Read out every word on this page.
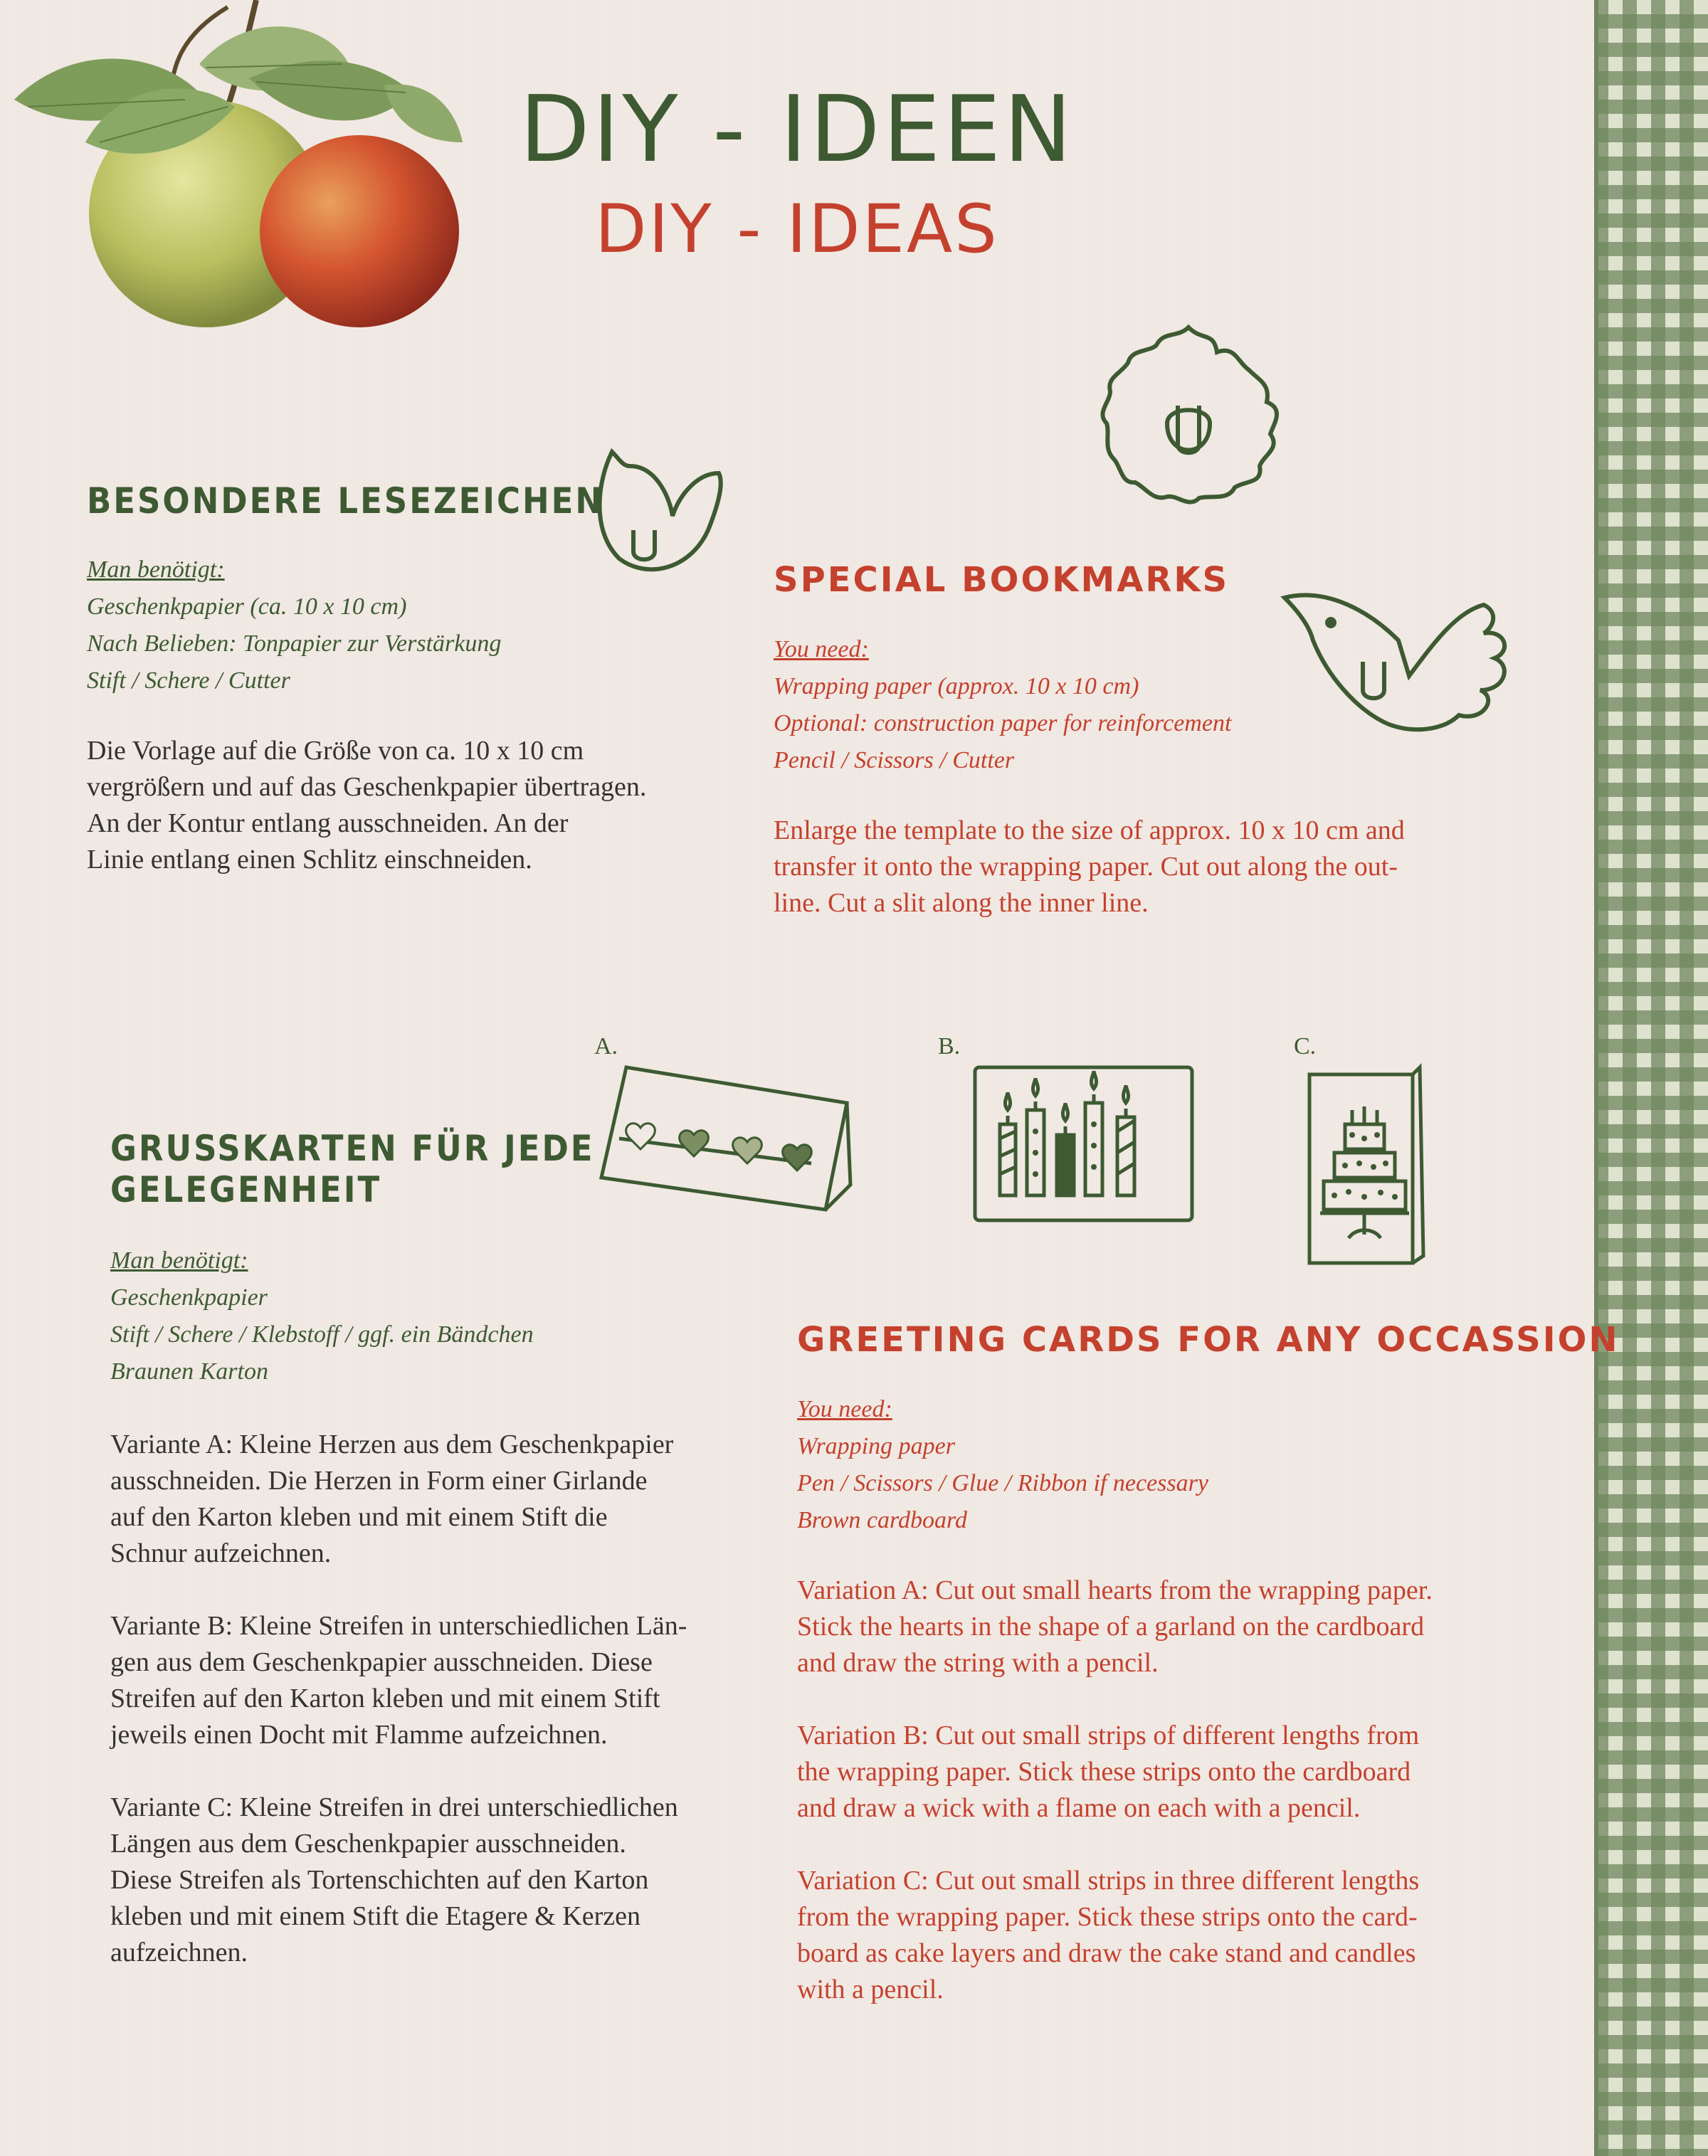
DIY - IDEEN
DIY - IDEAS
BESONDERE LESEZEICHEN
Man benötigt:
Geschenkpapier (ca. 10 x 10 cm)
Nach Belieben: Tonpapier zur Verstärkung
Stift / Schere / Cutter

Die Vorlage auf die Größe von ca. 10 x 10 cm
vergrößern und auf das Geschenkpapier übertragen.
An der Kontur entlang ausschneiden. An der
Linie entlang einen Schlitz einschneiden.

SPECIAL BOOKMARKS
You need:
Wrapping paper (approx. 10 x 10 cm)
Optional: construction paper for reinforcement
Pencil / Scissors / Cutter

Enlarge the template to the size of approx. 10 x 10 cm and
transfer it onto the wrapping paper. Cut out along the out-
line. Cut a slit along the inner line.

A.	B.	C.
GRUSSKARTEN FÜR JEDE
GELEGENHEIT
Man benötigt:
Geschenkpapier
Stift / Schere / Klebstoff / ggf. ein Bändchen
Braunen Karton

Variante A: Kleine Herzen aus dem Geschenkpapier
ausschneiden. Die Herzen in Form einer Girlande
auf den Karton kleben und mit einem Stift die
Schnur aufzeichnen.

Variante B: Kleine Streifen in unterschiedlichen Län-
gen aus dem Geschenkpapier ausschneiden. Diese
Streifen auf den Karton kleben und mit einem Stift
jeweils einen Docht mit Flamme aufzeichnen.

Variante C: Kleine Streifen in drei unterschiedlichen
Längen aus dem Geschenkpapier ausschneiden.
Diese Streifen als Tortenschichten auf den Karton
kleben und mit einem Stift die Etagere & Kerzen
aufzeichnen.

GREETING CARDS FOR ANY OCCASSION
You need:
Wrapping paper
Pen / Scissors / Glue / Ribbon if necessary
Brown cardboard

Variation A: Cut out small hearts from the wrapping paper.
Stick the hearts in the shape of a garland on the cardboard
and draw the string with a pencil.

Variation B: Cut out small strips of different lengths from
the wrapping paper. Stick these strips onto the cardboard
and draw a wick with a flame on each with a pencil.

Variation C: Cut out small strips in three different lengths
from the wrapping paper. Stick these strips onto the card-
board as cake layers and draw the cake stand and candles
with a pencil.
